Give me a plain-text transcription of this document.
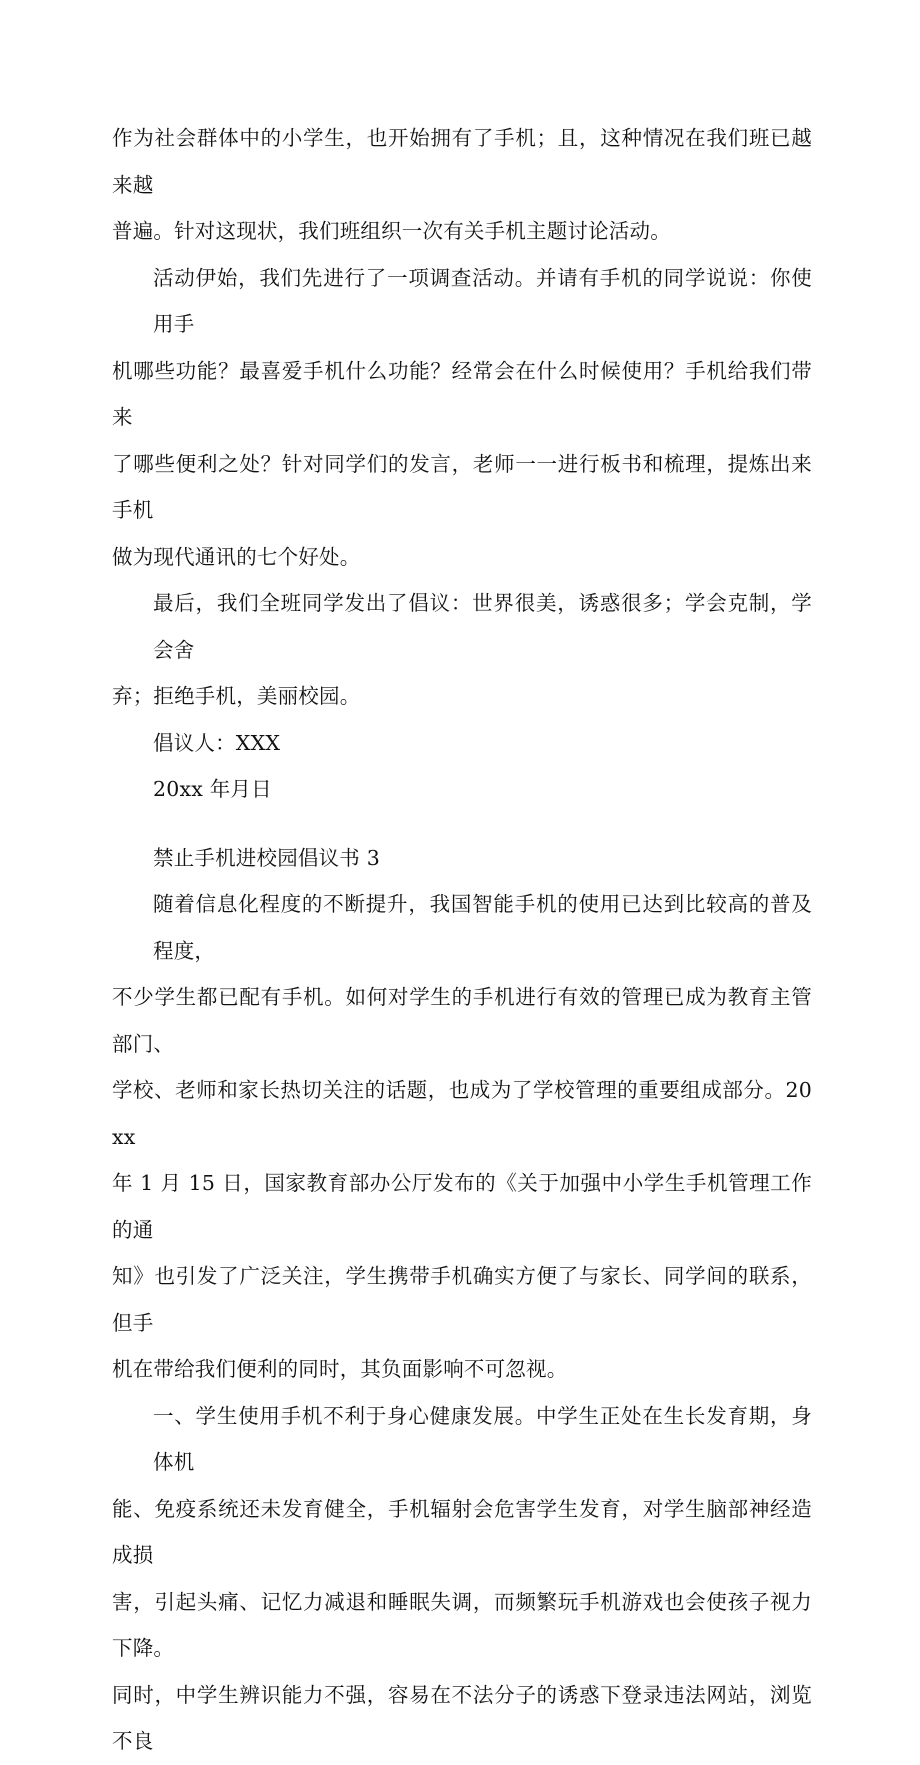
作为社会群体中的小学生，也开始拥有了手机；且，这种情况在我们班已越来越
普遍。针对这现状，我们班组织一次有关手机主题讨论活动。

活动伊始，我们先进行了一项调查活动。并请有手机的同学说说：你使用手
机哪些功能？最喜爱手机什么功能？经常会在什么时候使用？手机给我们带来
了哪些便利之处？针对同学们的发言，老师一一进行板书和梳理，提炼出来手机
做为现代通讯的七个好处。

最后，我们全班同学发出了倡议：世界很美，诱惑很多；学会克制，学会舍
弃；拒绝手机，美丽校园。

倡议人：XXX

20xx 年月日

禁止手机进校园倡议书 3

随着信息化程度的不断提升，我国智能手机的使用已达到比较高的普及程度，
不少学生都已配有手机。如何对学生的手机进行有效的管理已成为教育主管部门、
学校、老师和家长热切关注的话题，也成为了学校管理的重要组成部分。20xx
年 1 月 15 日，国家教育部办公厅发布的《关于加强中小学生手机管理工作的通
知》也引发了广泛关注，学生携带手机确实方便了与家长、同学间的联系，但手
机在带给我们便利的同时，其负面影响不可忽视。

一、学生使用手机不利于身心健康发展。中学生正处在生长发育期，身体机
能、免疫系统还未发育健全，手机辐射会危害学生发育，对学生脑部神经造成损
害，引起头痛、记忆力减退和睡眠失调，而频繁玩手机游戏也会使孩子视力下降。
同时，中学生辨识能力不强，容易在不法分子的诱惑下登录违法网站，浏览不良
